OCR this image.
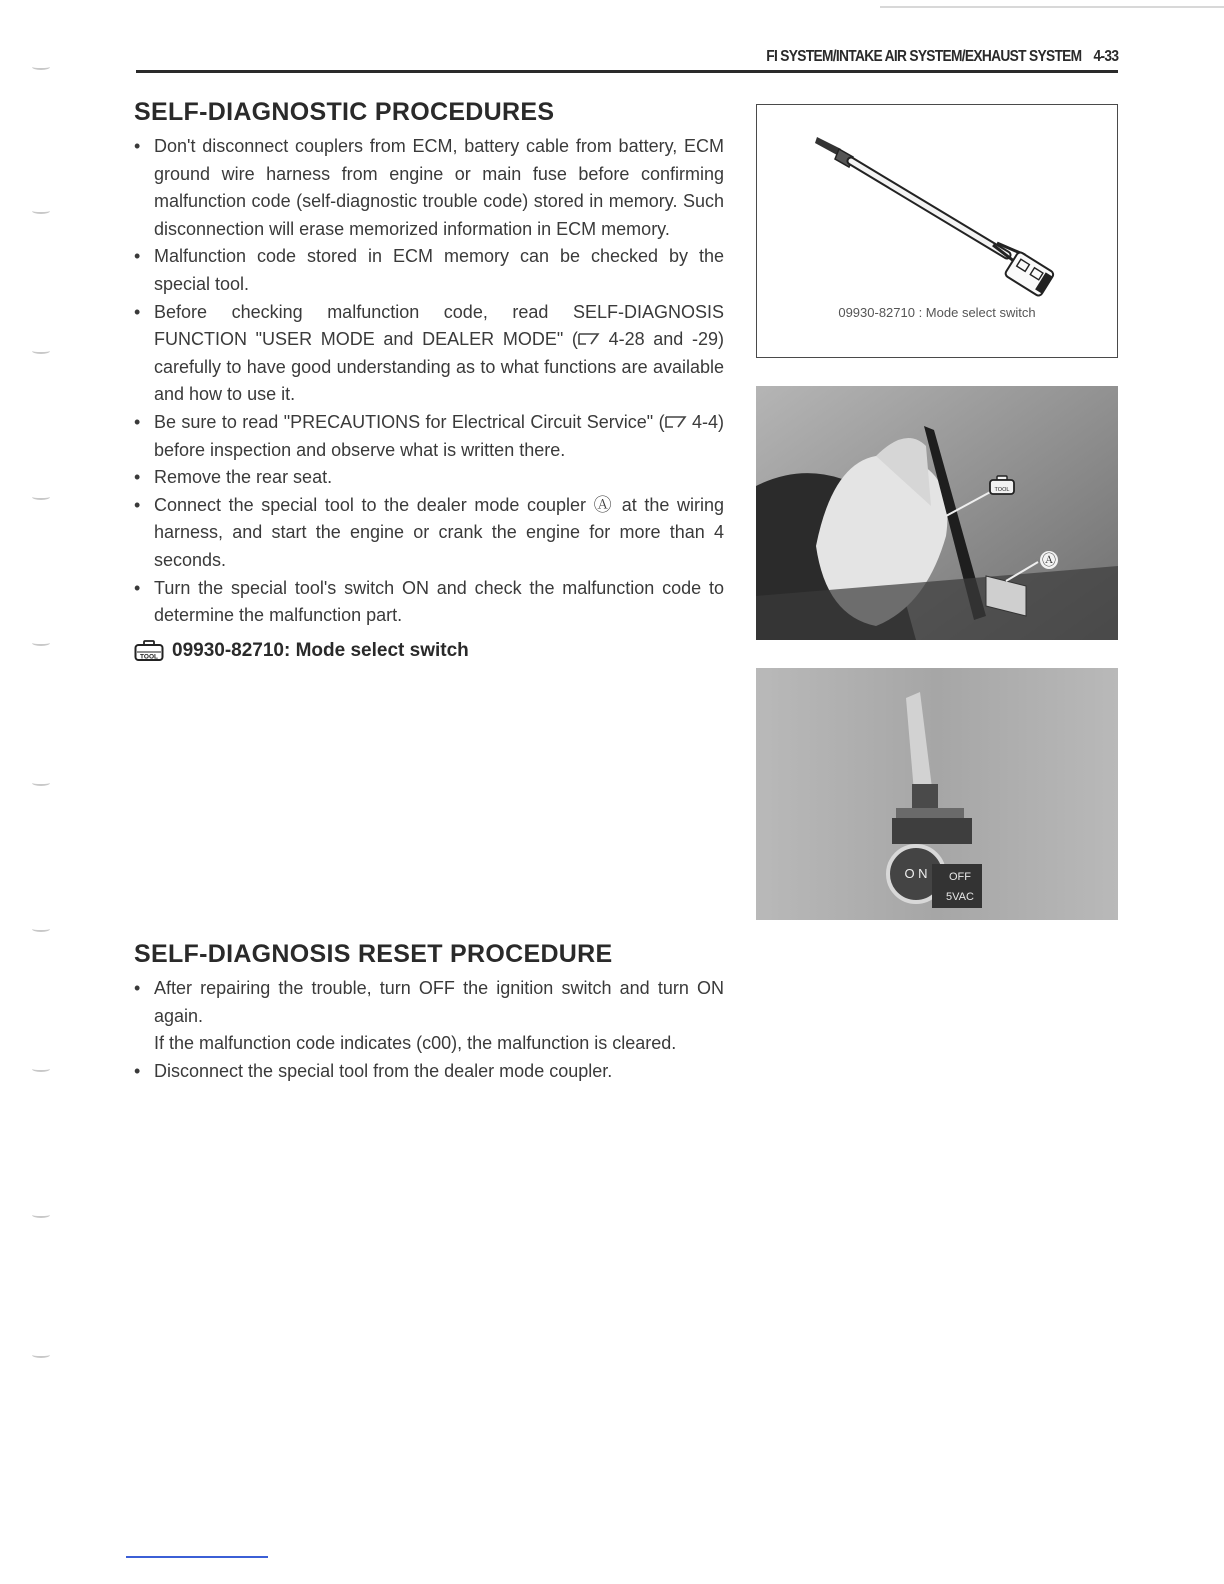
FI SYSTEM/INTAKE AIR SYSTEM/EXHAUST SYSTEM 4-33
SELF-DIAGNOSTIC PROCEDURES
• Don't disconnect couplers from ECM, battery cable from battery, ECM ground wire harness from engine or main fuse before confirming malfunction code (self-diagnostic trouble code) stored in memory. Such disconnection will erase memorized information in ECM memory.
• Malfunction code stored in ECM memory can be checked by the special tool.
• Before checking malfunction code, read SELF-DIAGNOSIS FUNCTION "USER MODE and DEALER MODE" ( 4-28 and -29) carefully to have good understanding as to what functions are available and how to use it.
• Be sure to read "PRECAUTIONS for Electrical Circuit Service" ( 4-4) before inspection and observe what is written there.
• Remove the rear seat.
• Connect the special tool to the dealer mode coupler Ⓐ at the wiring harness, and start the engine or crank the engine for more than 4 seconds.
• Turn the special tool's switch ON and check the malfunction code to determine the malfunction part.
TOOL 09930-82710: Mode select switch
SELF-DIAGNOSIS RESET PROCEDURE
• After repairing the trouble, turn OFF the ignition switch and turn ON again.
If the malfunction code indicates (c00), the malfunction is cleared.
• Disconnect the special tool from the dealer mode coupler.
09930-82710 : Mode select switch
TOOL
Ⓐ
O N OFF
5VAC
